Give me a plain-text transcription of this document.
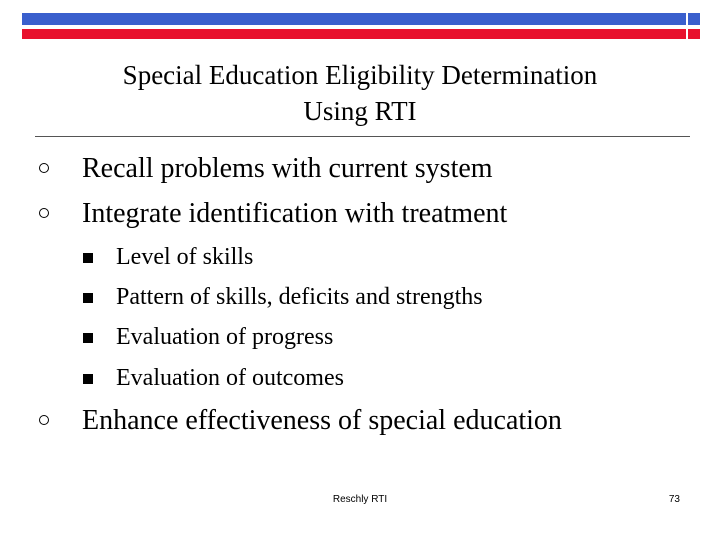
Special Education Eligibility Determination
Using RTI
Recall problems with current system
Integrate identification with treatment
Level of skills
Pattern of skills, deficits and strengths
Evaluation of progress
Evaluation of outcomes
Enhance effectiveness of special education
Reschly RTI	73
